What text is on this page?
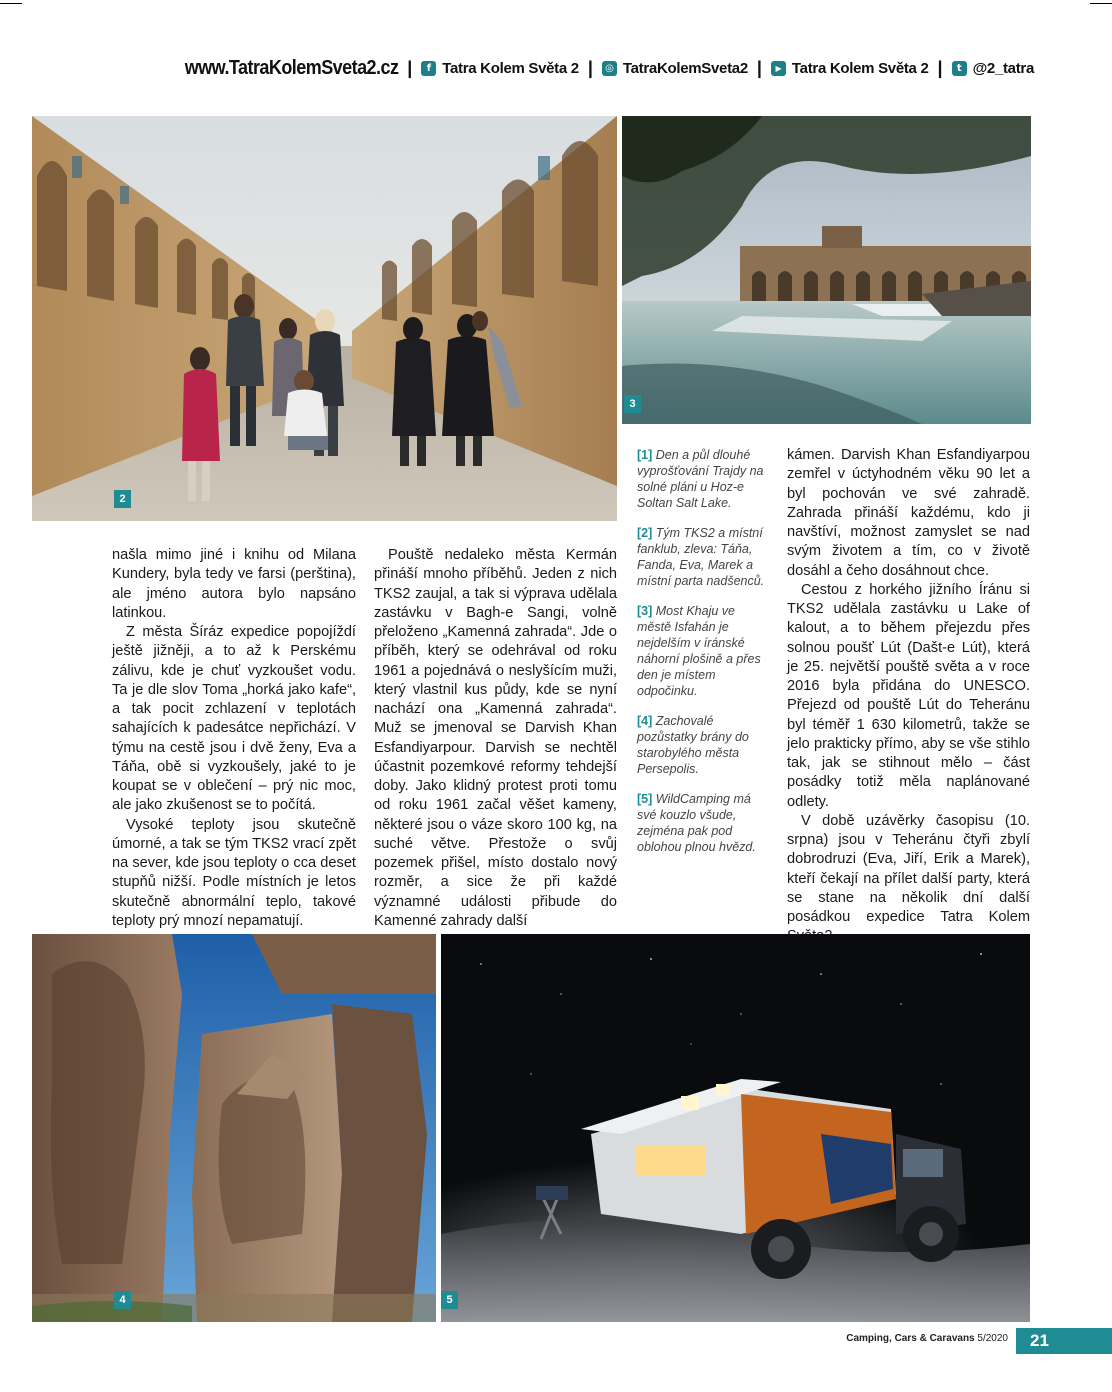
www.TatraKolemSveta2.cz |	f Tatra Kolem Světa 2 |	◎ TatraKolemSveta2 |	▶ Tatra Kolem Světa 2 |	t @2_tatra
2
3

[1] Den a půl dlouhé vyprošťování Trajdy na solné pláni u Hoz-e Soltan Salt Lake.

[2] Tým TKS2 a místní fanklub, zleva: Táňa, Fanda, Eva, Marek a místní parta nadšenců.

[3] Most Khaju ve městě Isfahán je nejdelším v íránské náhorní plošině a přes den je místem odpočinku.

[4] Zachovalé pozůstatky brány do starobylého města Persepolis.

[5] WildCamping má své kouzlo všude, zejména pak pod oblohou plnou hvězd.

našla mimo jiné i knihu od Milana Kundery, byla tedy ve farsi (perština), ale jméno autora bylo napsáno latinkou.

Z města Šíráz expedice popojíždí ještě jižněji, a to až k Perskému zálivu, kde je chuť vyzkoušet vodu. Ta je dle slov Toma „horká jako kafe“, a tak pocit zchlazení v teplotách sahajících k padesátce nepřichází. V týmu na cestě jsou i dvě ženy, Eva a Táňa, obě si vyzkoušely, jaké to je koupat se v oblečení – prý nic moc, ale jako zkušenost se to počítá.

Vysoké teploty jsou skutečně úmorné, a tak se tým TKS2 vrací zpět na sever, kde jsou teploty o cca deset stupňů nižší. Podle místních je letos skutečně abnormální teplo, takové teploty prý mnozí nepamatují.

Pouště nedaleko města Kermán přináší mnoho příběhů. Jeden z nich TKS2 zaujal, a tak si výprava udělala zastávku v Bagh-e Sangi, volně přeloženo „Kamenná zahrada“. Jde o příběh, který se odehrával od roku 1961 a pojednává o neslyšícím muži, který vlastnil kus půdy, kde se nyní nachází ona „Kamenná zahrada“. Muž se jmenoval se Darvish Khan Esfandiyarpour. Darvish se nechtěl účastnit pozemkové reformy tehdejší doby. Jako klidný protest proti tomu od roku 1961 začal věšet kameny, některé jsou o váze skoro 100 kg, na suché větve. Přestože o svůj pozemek přišel, místo dostalo nový rozměr, a sice že při každé významné události přibude do Kamenné zahrady další

kámen. Darvish Khan Esfandiyarpou zemřel v úctyhodném věku 90 let a byl pochován ve své zahradě. Zahrada přináší každému, kdo ji navštíví, možnost zamyslet se nad svým životem a tím, co v životě dosáhl a čeho dosáhnout chce.

Cestou z horkého jižního Íránu si TKS2 udělala zastávku u Lake of kalout, a to během přejezdu přes solnou poušť Lút (Dašt-e Lút), která je 25. největší pouště světa a v roce 2016 byla přidána do UNESCO. Přejezd od pouště Lút do Teheránu byl téměř 1 630 kilometrů, takže se jelo prakticky přímo, aby se vše stihlo tak, jak se stihnout mělo – část posádky totiž měla naplánované odlety.

V době uzávěrky časopisu (10. srpna) jsou v Teheránu čtyři zbylí dobrodruzi (Eva, Jiří, Erik a Marek), kteří čekají na přílet další party, která se stane na několik dní další posádkou expedice Tatra Kolem

4	5
Camping, Cars & Caravans 5/2020	21
